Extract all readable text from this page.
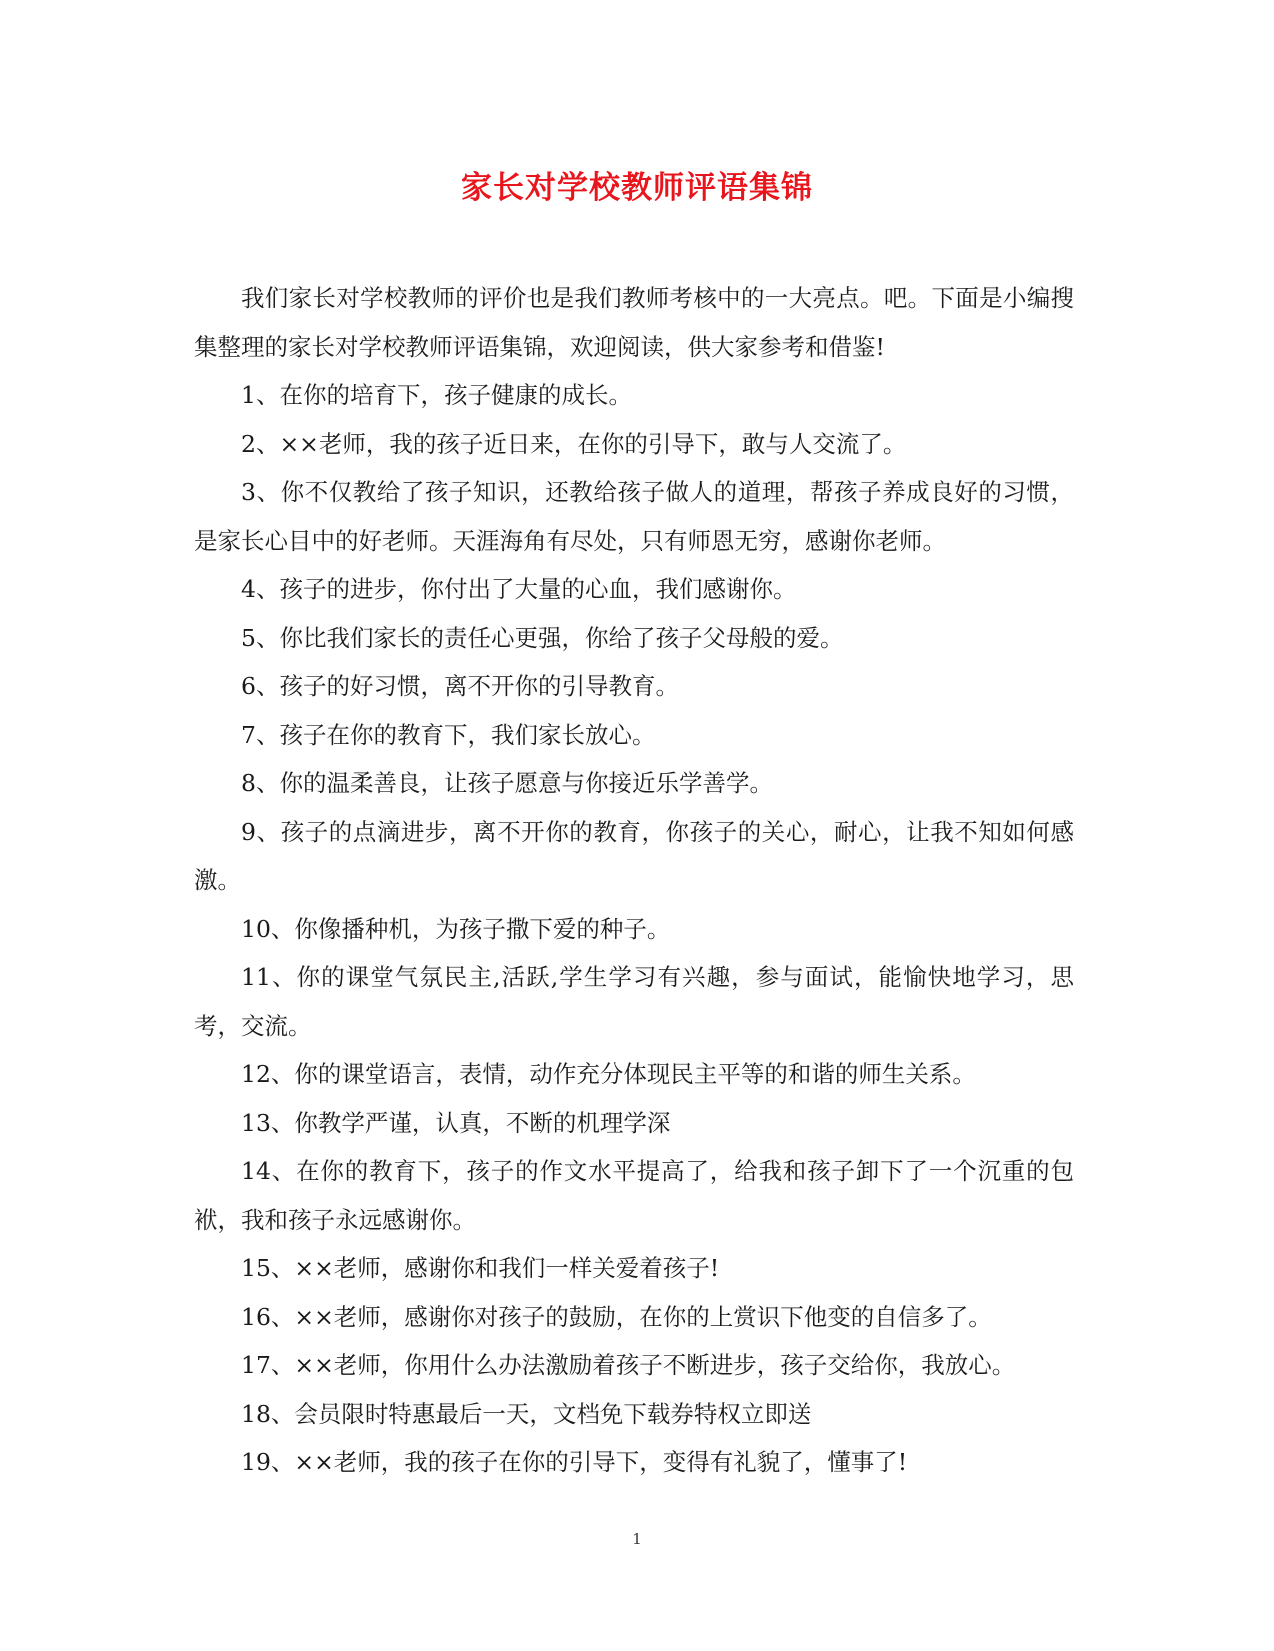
家长对学校教师评语集锦

我们家长对学校教师的评价也是我们教师考核中的一大亮点。吧。下面是小编搜集整理的家长对学校教师评语集锦，欢迎阅读，供大家参考和借鉴!

1、在你的培育下，孩子健康的成长。

2、××老师，我的孩子近日来，在你的引导下，敢与人交流了。

3、你不仅教给了孩子知识，还教给孩子做人的道理，帮孩子养成良好的习惯，是家长心目中的好老师。天涯海角有尽处，只有师恩无穷，感谢你老师。

4、孩子的进步，你付出了大量的心血，我们感谢你。

5、你比我们家长的责任心更强，你给了孩子父母般的爱。

6、孩子的好习惯，离不开你的引导教育。

7、孩子在你的教育下，我们家长放心。

8、你的温柔善良，让孩子愿意与你接近乐学善学。

9、孩子的点滴进步，离不开你的教育，你孩子的关心，耐心，让我不知如何感激。

10、你像播种机，为孩子撒下爱的种子。

11、你的课堂气氛民主,活跃,学生学习有兴趣，参与面试，能愉快地学习，思考，交流。

12、你的课堂语言，表情，动作充分体现民主平等的和谐的师生关系。

13、你教学严谨，认真，不断的机理学深

14、在你的教育下，孩子的作文水平提高了，给我和孩子卸下了一个沉重的包袱，我和孩子永远感谢你。

15、××老师，感谢你和我们一样关爱着孩子!

16、××老师，感谢你对孩子的鼓励，在你的上赏识下他变的自信多了。

17、××老师，你用什么办法激励着孩子不断进步，孩子交给你，我放心。

18、会员限时特惠最后一天，文档免下载券特权立即送

19、××老师，我的孩子在你的引导下，变得有礼貌了，懂事了!

1
